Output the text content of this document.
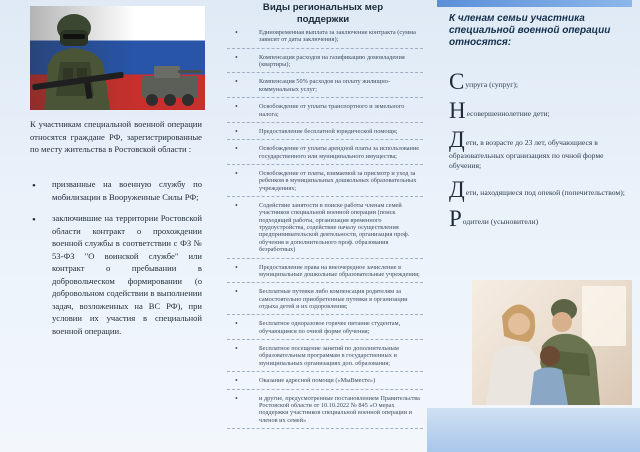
К участникам специальной военной операции относятся граждане РФ, зарегистрированные по месту жительства в Ростовской области :

• призванные на военную службу по мобилизации в Вооруженные Силы РФ;
• заключившие на территории Ростовской области контракт о прохождении военной службы в соответствии с ФЗ № 53-ФЗ "О воинской службе" или контракт о пребывании в добровольческом формировании (о добровольном содействии в выполнении задач, возложенных на ВС РФ), при условии их участия в специальной военной операции.
Виды региональных мер поддержки
• Единовременная выплата за заключение контракта (сумма зависит от даты заключения);
• Компенсация расходов на газификацию домовладения (квартиры);
• Компенсация 50% расходов на оплату жилищно-коммунальных услуг;
• Освобождение от уплаты транспортного и земельного налога;
• Предоставление бесплатной юридической помощи;
• Освобождение от уплаты арендной платы за использование государственного или муниципального имущества;
• Освобождение от платы, взимаемой за присмотр и уход за ребенком в муниципальных дошкольных образовательных учреждениях;
• Содействие занятости в поиске работы членам семей участников специальной военной операции (поиск подходящей работы, организация временного трудоустройства, содействие началу осуществления предпринимательской деятельности, организация проф. обучения и дополнительного проф. образования безработных)
• Предоставление права на внеочередное зачисление в муниципальные дошкольные образовательные учреждения;
• Бесплатные путевки либо компенсация родителям за самостоятельно приобретенные путевки в организации отдыха детей и их оздоровления;
• Бесплатное одноразовое горячее питание студентам, обучающимся по очной форме обучения;
• Бесплатное посещение занятий по дополнительным образовательным программам в государственных и муниципальных организациях доп. образования;
• Оказание адресной помощи («МыВместе»)
• и другие, предусмотренные постановлением Правительства Ростовской области от 10.10.2022 № 845 «О мерах поддержки участников специальной военной операции и членов их семей»
К членам семьи участника специальной военной операции относятся:
Супруга (супруг);
Несовершеннолетние дети;
Дети, в возрасте до 23 лет, обучающиеся в образовательных организациях по очной форме обучения;
Дети, находящиеся под опекой (попечительством);
Родители (усыновители)
